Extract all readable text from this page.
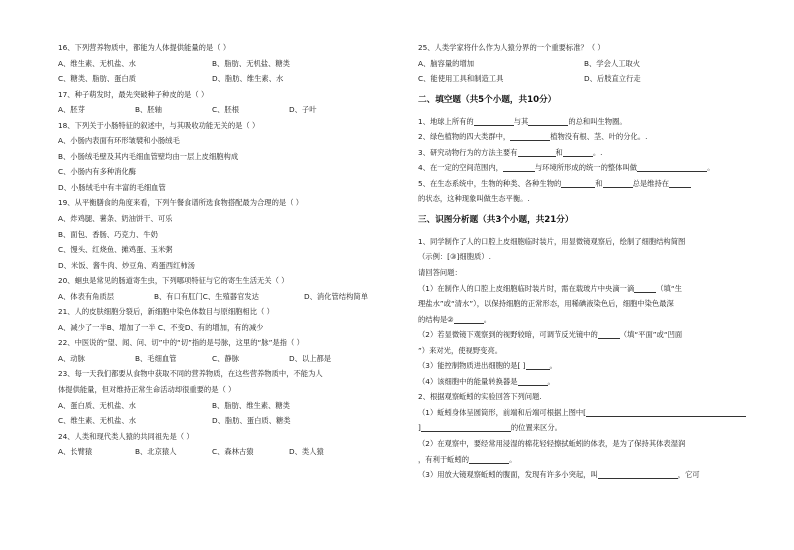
16、下列营养物质中，都能为人体提供能量的是（ ）
A、维生素、无机盐、水	B、脂肪、无机盐、糖类
C、糖类、脂肪、蛋白质	D、脂肪、维生素、水
17、种子萌发时，最先突破种子种皮的是（ ）
A、胚芽	B、胚轴	C、胚根	D、子叶
18、下列关于小肠特征的叙述中，与其吸收功能无关的是（ ）
A、小肠内表面有环形皱襞和小肠绒毛
B、小肠绒毛壁及其内毛细血管壁均由一层上皮细胞构成
C、小肠内有多种消化酶
D、小肠绒毛中有丰富的毛细血管
19、从平衡膳食的角度来看，下列午餐食谱所选食物搭配最为合理的是（ ）
A、炸鸡腿、薯条、奶油饼干、可乐
B、面包、香肠、巧克力、牛奶
C、馒头、红烧鱼、摊鸡蛋、玉米粥
D、米饭、酱牛肉、炒豆角、鸡蛋西红柿汤
20、蛔虫是常见的肠道寄生虫，下列哪项特征与它的寄生生活无关（ ）
A、体表有角质层	B、有口有肛门C、生殖器官发达	D、消化管结构简单
21、人的皮肤细胞分裂后，新细胞中染色体数目与原细胞相比（ ）
A、减少了一半B、增加了一半 C、不变D、有的增加，有的减少
22、中医说的“望、闻、问、切”中的“切”指的是号脉，这里的“脉”是指（ ）
A、动脉	B、毛细血管	C、静脉	D、以上都是
23、每一天我们都要从食物中获取不同的营养物质，在这些营养物质中，不能为人
体提供能量，但对维持正常生命活动却很重要的是（ ）
A、蛋白质、无机盐、水	B、脂肪、维生素、糖类
C、维生素、无机盐、水	D、脂肪、蛋白质、糖类
24、人类和现代类人猿的共同祖先是（ ）
A、长臂猿	B、北京猿人	C、森林古猿	D、类人猿
25、人类学家将什么作为人猿分界的一个重要标准？（ ）
A、脑容量的增加	B、学会人工取火
C、能使用工具和制造工具	D、后肢直立行走
二、填空题（共5个小题，共10分）
1、地球上所有的	与其	的总和叫生物圈。
2、绿色植物的四大类群中，	植物没有根、茎、叶的分化。.
3、研究动物行为的方法主要有	和	。.
4、在一定的空间范围内，	与环境所形成的统一的整体叫做	。
5、在生态系统中，生物的种类、各种生物的	和	总是维持在
的状态，这种现象叫做生态平衡。.
三、识图分析题（共3个小题，共21分）
1、同学制作了人的口腔上皮细胞临时装片，用显微镜观察后，绘制了细胞结构简图
（示例：[③]细胞质）.
请回答问题：
（1）在制作人的口腔上皮细胞临时装片时，需在载玻片中央滴一滴	（填“生
理盐水”或“清水”），以保持细胞的正常形态，用稀碘液染色后，细胞中染色最深
的结构是②	。
（2）若显微镜下观察到的视野较暗，可调节反光镜中的	（填“平面”或“凹面
”）来对光，使视野变亮。
（3）能控制物质进出细胞的是[ ]	。
（4）该细胞中的能量转换器是	。
2、根据观察蚯蚓的实验回答下列问题.
（1）蚯蚓身体呈圆筒形，前端和后端可根据上图中[
]	的位置来区分。
（2）在观察中，要经常用浸湿的棉花轻轻擦拭蚯蚓的体表，是为了保持其体表湿润
，有利于蚯蚓的	。
（3）用放大镜观察蚯蚓的腹面，发现有许多小突起，叫	，它可
